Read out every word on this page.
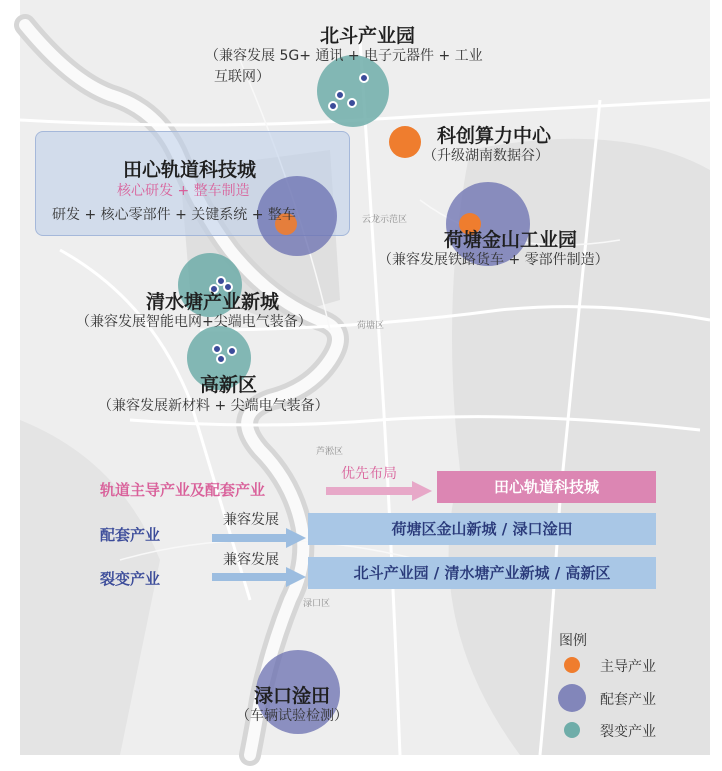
云龙示范区
荷塘区
芦淞区
渌口区
北斗产业园
（兼容发展 5G+ 通讯 + 电子元器件 + 工业
互联网）
科创算力中心
（升级湖南数据谷）
田心轨道科技城
核心研发 + 整车制造
研发 + 核心零部件 + 关键系统 + 整车
荷塘金山工业园
（兼容发展铁路货车 + 零部件制造）
清水塘产业新城
（兼容发展智能电网+尖端电气装备）
高新区
（兼容发展新材料 + 尖端电气装备）
渌口淦田
（车辆试验检测）
轨道主导产业及配套产业
优先布局
田心轨道科技城
配套产业
兼容发展	荷塘区金山新城 / 渌口淦田
裂变产业
兼容发展
北斗产业园 / 清水塘产业新城 / 高新区
图例
主导产业
配套产业
裂变产业
